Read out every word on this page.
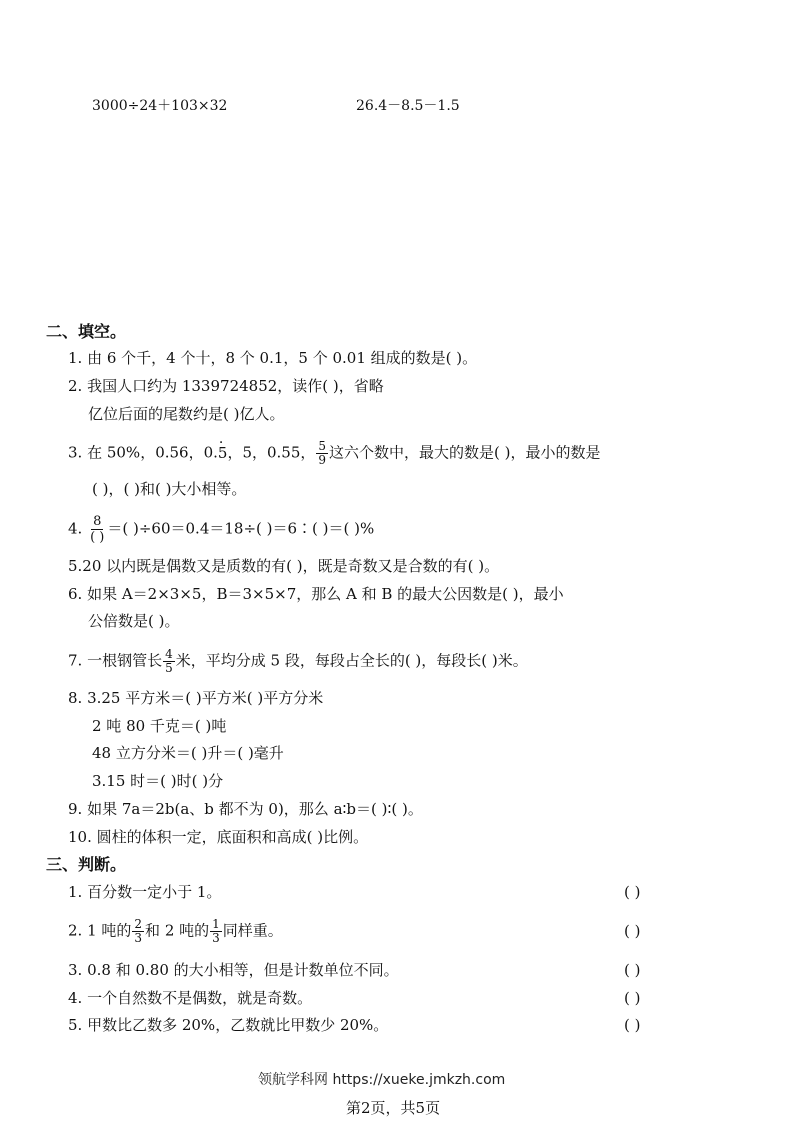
3000÷24＋103×32	26.4－8.5－1.5
二、填空。
1. 由 6 个千，4 个十，8 个 0.1，5 个 0.01 组成的数是( )。
2. 我国人口约为 1339724852，读作( )，省略
亿位后面的尾数约是( )亿人。
3. 在 50%，0.56，0.· 5，5，0.55， $\frac{5}{9}$ 这六个数中，最大的数是( )，最小的数是
( )，( )和( )大小相等。
4. $\frac{8}{( )}$ ＝( )÷60＝0.4＝18÷( )＝6∶( )＝( )%
5.20 以内既是偶数又是质数的有( )，既是奇数又是合数的有( )。
6. 如果 A＝2×3×5，B＝3×5×7，那么 A 和 B 的最大公因数是( )，最小
公倍数是( )。
7. 一根钢管长 $\frac{4}{5}$ 米，平均分成 5 段，每段占全长的( )，每段长( )米。
8. 3.25 平方米＝( )平方米( )平方分米
2 吨 80 千克＝( )吨
48 立方分米＝( )升＝( )毫升
3.15 时＝( )时( )分
9. 如果 7a＝2b(a、b 都不为 0)，那么 a∶b＝( )∶( )。
10. 圆柱的体积一定，底面积和高成( )比例。
三、判断。
1. 百分数一定小于 1。	( )
2. 1 吨的 $\frac{2}{3}$ 和 2 吨的 $\frac{1}{3}$ 同样重。	( )
3. 0.8 和 0.80 的大小相等，但是计数单位不同。	( )
4. 一个自然数不是偶数，就是奇数。	( )
5. 甲数比乙数多 20%，乙数就比甲数少 20%。	( )
领航学科网 https://xueke.jmkzh.com
第2页，共5页
